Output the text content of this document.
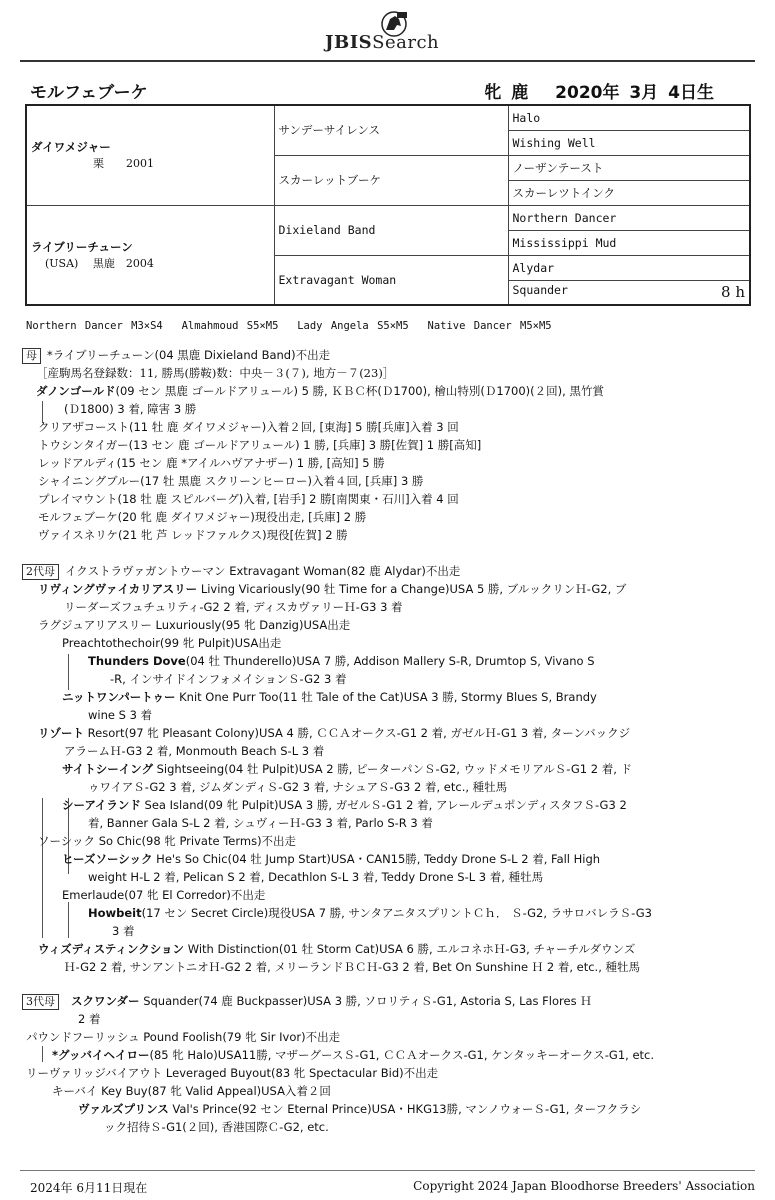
JBISSearch
モルフェブーケ	牝 鹿　 2020年 3月 4日生
ダイワメジャー
栗　　2001	サンデーサイレンス	Halo
		Wishing Well
	スカーレットブーケ	ノーザンテースト
		スカーレツトインク

ライブリーチューン
(USA)　 黒鹿　2004	Dixieland Band	Northern Dancer
		Mississippi Mud
	Extravagant Woman	Alydar
		Squander 8 h
Northern Dancer M3×S4　 Almahmoud S5×M5　 Lady Angela S5×M5　 Native Dancer M5×M5
母 *ライブリーチューン(04 黒鹿 Dixieland Band)不出走
［産駒馬名登録数：11, 勝馬(勝鞍)数：中央－３(７), 地方－７(23)］
ダノンゴールド(09 セン 黒鹿 ゴールドアリュール) 5 勝, ＫＢＣ杯(Ｄ1700), 檜山特別(Ｄ1700)(２回), 黒竹賞
(Ｄ1800) 3 着, 障害 3 勝
クリアザコースト(11 牡 鹿 ダイワメジャー)入着２回, [東海] 5 勝[兵庫]入着 3 回
トウシンタイガー(13 セン 鹿 ゴールドアリュール) 1 勝, [兵庫] 3 勝[佐賀] 1 勝[高知]
レッドアルディ(15 セン 鹿 *アイルハヴアナザー) 1 勝, [高知] 5 勝
シャイニングブルー(17 牡 黒鹿 スクリーンヒーロー)入着４回, [兵庫] 3 勝
プレイマウント(18 牡 鹿 スピルバーグ)入着, [岩手] 2 勝[南関東・石川]入着 4 回
モルフェブーケ(20 牝 鹿 ダイワメジャー)現役出走, [兵庫] 2 勝
ヴァイスネリケ(21 牝 芦 レッドファルクス)現役[佐賀] 2 勝
2代母 イクストラヴァガントウーマン Extravagant Woman(82 鹿 Alydar)不出走
リヴィングヴァイカリアスリー Living Vicariously(90 牡 Time for a Change)USA 5 勝, ブルックリンＨ-G2, ブ
リーダーズフュチュリティ-G2 2 着, ディスカヴァリーＨ-G3 3 着
ラグジュアリアスリー Luxuriously(95 牝 Danzig)USA出走
Preachtothechoir(99 牝 Pulpit)USA出走
Thunders Dove(04 牡 Thunderello)USA 7 勝, Addison Mallery S-R, Drumtop S, Vivano S
-R, インサイドインフォメイションＳ-G2 3 着
ニットワンパートゥー Knit One Purr Too(11 牡 Tale of the Cat)USA 3 勝, Stormy Blues S, Brandy
wine S 3 着
リゾート Resort(97 牝 Pleasant Colony)USA 4 勝, ＣＣＡオークス-G1 2 着, ガゼルＨ-G1 3 着, ターンバックジ
アラームＨ-G3 2 着, Monmouth Beach S-L 3 着
サイトシーイング Sightseeing(04 牡 Pulpit)USA 2 勝, ピーターパンＳ-G2, ウッドメモリアルＳ-G1 2 着, ド
ゥワイアＳ-G2 3 着, ジムダンディＳ-G2 3 着, ナシュアＳ-G3 2 着, etc., 種牡馬
シーアイランド Sea Island(09 牝 Pulpit)USA 3 勝, ガゼルＳ-G1 2 着, アレールデュポンディスタフＳ-G3 2
着, Banner Gala S-L 2 着, シュヴィーＨ-G3 3 着, Parlo S-R 3 着
ソーシック So Chic(98 牝 Private Terms)不出走
ヒーズソーシック He's So Chic(04 牡 Jump Start)USA・CAN15勝, Teddy Drone S-L 2 着, Fall High
weight H-L 2 着, Pelican S 2 着, Decathlon S-L 3 着, Teddy Drone S-L 3 着, 種牡馬
Emerlaude(07 牝 El Corredor)不出走
Howbeit(17 セン Secret Circle)現役USA 7 勝, サンタアニタスプリントＣｈ． Ｓ-G2, ラサロバレラＳ-G3
3 着
ウィズディスティンクション With Distinction(01 牡 Storm Cat)USA 6 勝, エルコネホＨ-G3, チャーチルダウンズ
Ｈ-G2 2 着, サンアントニオＨ-G2 2 着, メリーランドＢＣＨ-G3 2 着, Bet On Sunshine Ｈ 2 着, etc., 種牡馬
3代母 スクワンダー Squander(74 鹿 Buckpasser)USA 3 勝, ソロリティＳ-G1, Astoria S, Las Flores Ｈ
2 着
パウンドフーリッシュ Pound Foolish(79 牝 Sir Ivor)不出走
*グッバイヘイロー(85 牝 Halo)USA11勝, マザーグースＳ-G1, ＣＣＡオークス-G1, ケンタッキーオークス-G1, etc.
リーヴァリッジバイアウト Leveraged Buyout(83 牝 Spectacular Bid)不出走
キーバイ Key Buy(87 牝 Valid Appeal)USA入着２回
ヴァルズプリンス Val's Prince(92 セン Eternal Prince)USA・HKG13勝, マンノウォーＳ-G1, ターフクラシ
ック招待Ｓ-G1(２回), 香港国際Ｃ-G2, etc.
2024年 6月11日現在	Copyright 2024 Japan Bloodhorse Breeders' Association
